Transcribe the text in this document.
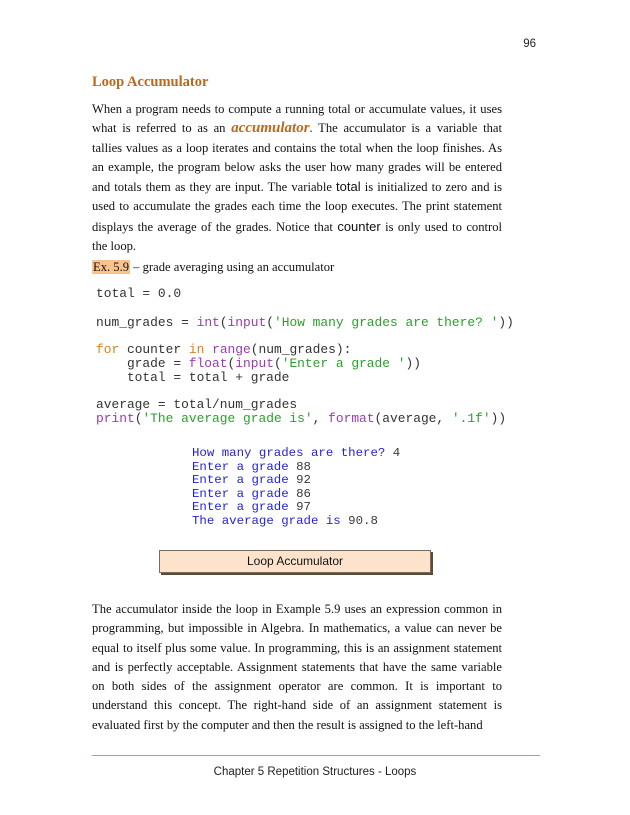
96
Loop Accumulator
When a program needs to compute a running total or accumulate values, it uses what is referred to as an accumulator. The accumulator is a variable that tallies values as a loop iterates and contains the total when the loop finishes. As an example, the program below asks the user how many grades will be entered and totals them as they are input. The variable total is initialized to zero and is used to accumulate the grades each time the loop executes. The print statement displays the average of the grades. Notice that counter is only used to control the loop.
Ex. 5.9 – grade averaging using an accumulator
total = 0.0
num_grades = int(input('How many grades are there? '))
for counter in range(num_grades):
grade = float(input('Enter a grade '))
total = total + grade
average = total/num_grades
print('The average grade is', format(average, '.1f'))
How many grades are there? 4
Enter a grade 88
Enter a grade 92
Enter a grade 86
Enter a grade 97
The average grade is 90.8
Loop Accumulator
The accumulator inside the loop in Example 5.9 uses an expression common in programming, but impossible in Algebra. In mathematics, a value can never be equal to itself plus some value. In programming, this is an assignment statement and is perfectly acceptable. Assignment statements that have the same variable on both sides of the assignment operator are common. It is important to understand this concept. The right-hand side of an assignment statement is evaluated first by the computer and then the result is assigned to the left-hand
Chapter 5 Repetition Structures - Loops
